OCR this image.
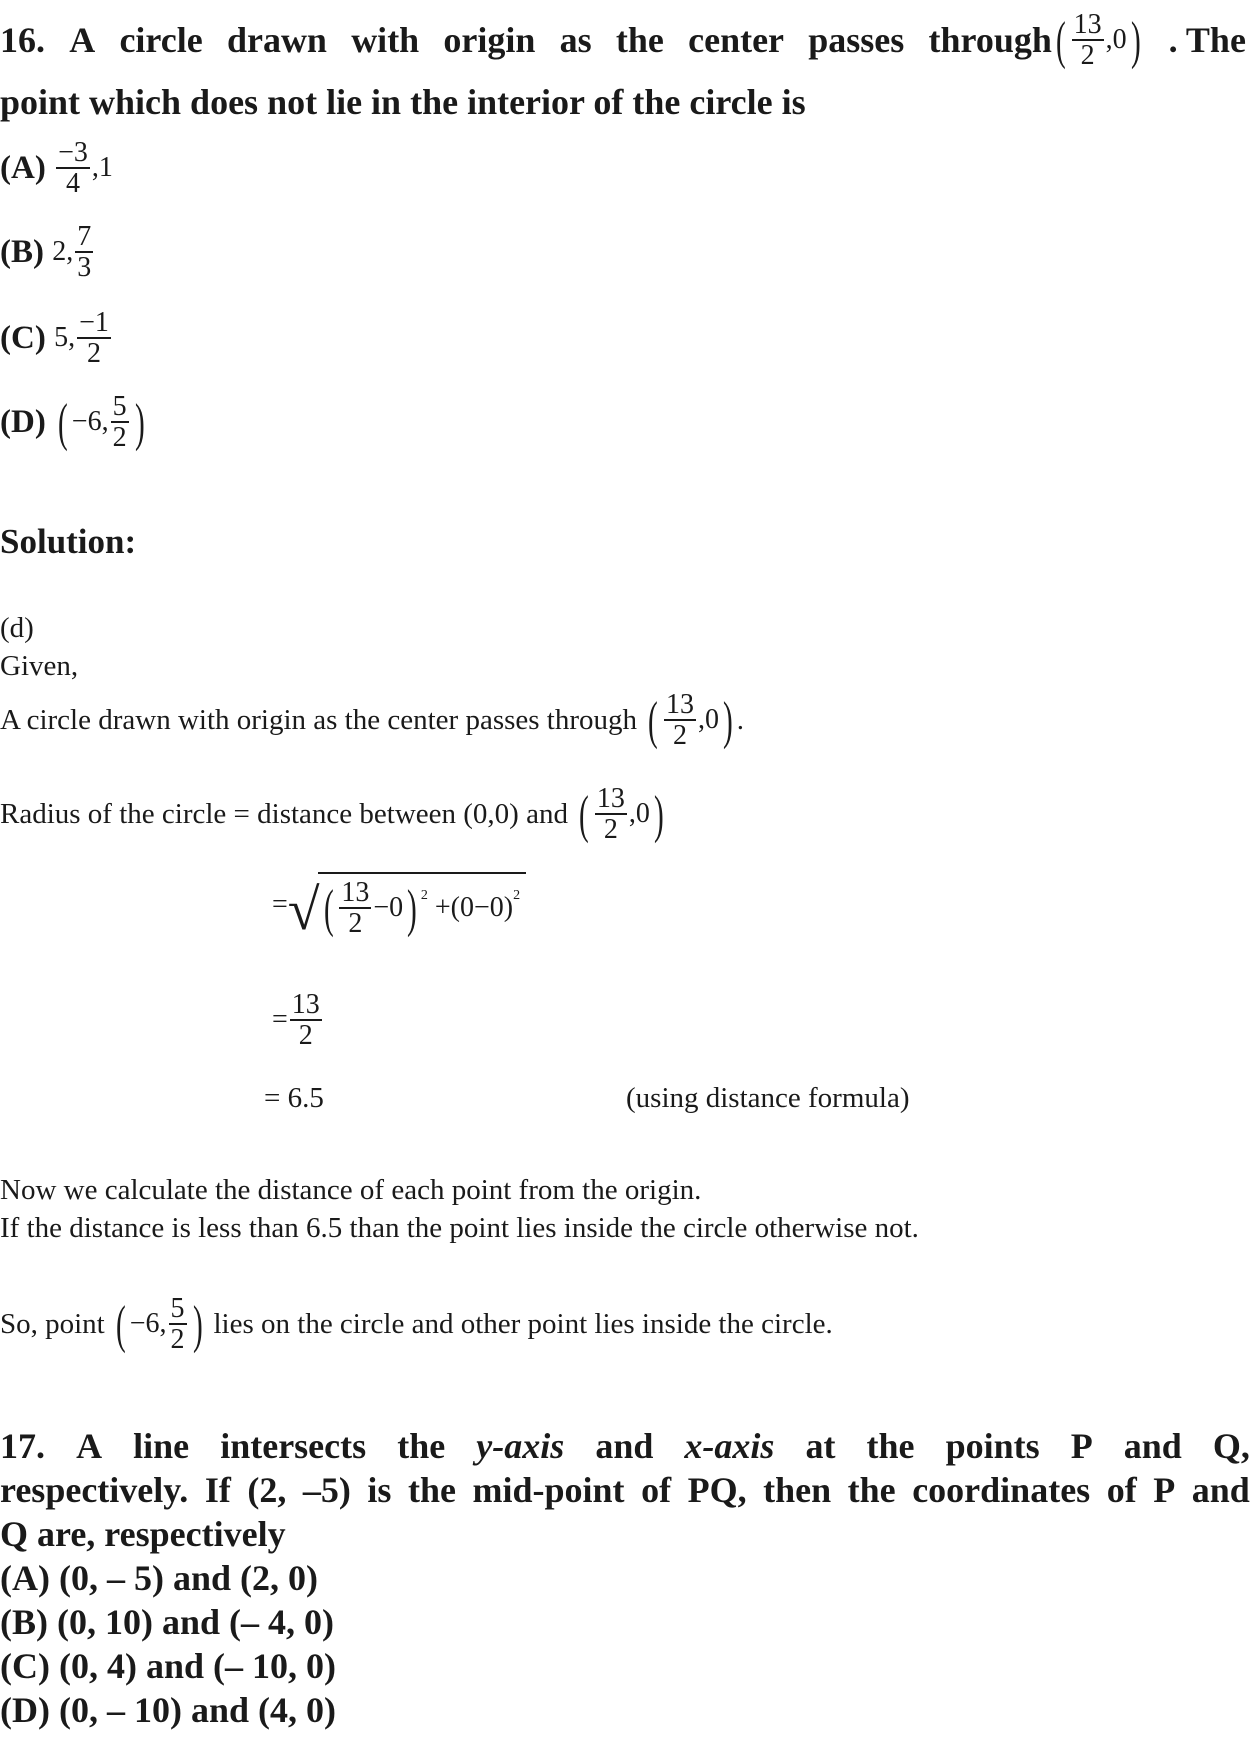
16. A circle drawn with origin as the center passes through ( $\frac{13}{2} ,0$ ) . The
point which does not lie in the interior of the circle is
(A)
$\frac{-3}{4} ,1$
(B)
2, $\frac{7}{3}$
(C)
5, $\frac{-1}{2}$
(D)
( −6, $\frac{5}{2}$ )
Solution:
(d)
Given,
A circle drawn with origin as the center passes through
( $\frac{13}{2} ,0$ ) .
Radius of the circle = distance between (0,0) and
( $\frac{13}{2} ,0$ )
= √ ( $\frac{13}{2} -0$ ) $^2$
$+(0-0)^2$
= $\frac{13}{2}$
= 6.5	(using distance formula)
Now we calculate the distance of each point from the origin.
If the distance is less than 6.5 than the point lies inside the circle otherwise not.
So, point
( −6, $\frac{5}{2}$ )
lies on the circle and other point lies inside the circle.
17. A line intersects the y-axis and x-axis at the points P and Q,
respectively. If (2, –5) is the mid-point of PQ, then the coordinates of P and
Q are, respectively
(A) (0, – 5) and (2, 0)
(B) (0, 10) and (– 4, 0)
(C) (0, 4) and (– 10, 0)
(D) (0, – 10) and (4, 0)
